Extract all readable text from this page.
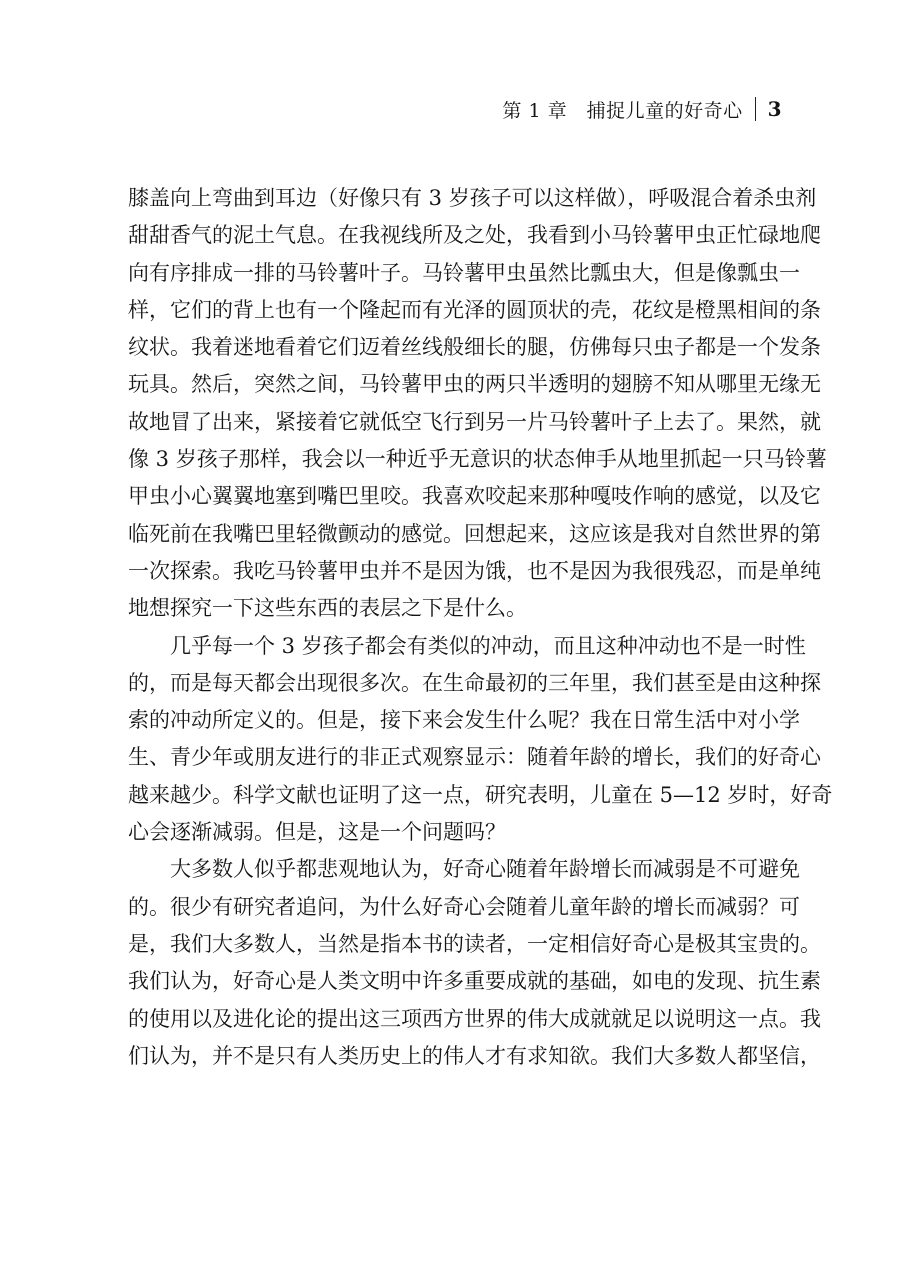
第 1 章　捕捉儿童的好奇心	3
膝盖向上弯曲到耳边（好像只有 3 岁孩子可以这样做），呼吸混合着杀虫剂
甜甜香气的泥土气息。在我视线所及之处，我看到小马铃薯甲虫正忙碌地爬
向有序排成一排的马铃薯叶子。马铃薯甲虫虽然比瓢虫大，但是像瓢虫一
样，它们的背上也有一个隆起而有光泽的圆顶状的壳，花纹是橙黑相间的条
纹状。我着迷地看着它们迈着丝线般细长的腿，仿佛每只虫子都是一个发条
玩具。然后，突然之间，马铃薯甲虫的两只半透明的翅膀不知从哪里无缘无
故地冒了出来，紧接着它就低空飞行到另一片马铃薯叶子上去了。果然，就
像 3 岁孩子那样，我会以一种近乎无意识的状态伸手从地里抓起一只马铃薯
甲虫小心翼翼地塞到嘴巴里咬。我喜欢咬起来那种嘎吱作响的感觉，以及它
临死前在我嘴巴里轻微颤动的感觉。回想起来，这应该是我对自然世界的第
一次探索。我吃马铃薯甲虫并不是因为饿，也不是因为我很残忍，而是单纯
地想探究一下这些东西的表层之下是什么。
几乎每一个 3 岁孩子都会有类似的冲动，而且这种冲动也不是一时性
的，而是每天都会出现很多次。在生命最初的三年里，我们甚至是由这种探
索的冲动所定义的。但是，接下来会发生什么呢？我在日常生活中对小学
生、青少年或朋友进行的非正式观察显示：随着年龄的增长，我们的好奇心
越来越少。科学文献也证明了这一点，研究表明，儿童在 5—12 岁时，好奇
心会逐渐减弱。但是，这是一个问题吗？
大多数人似乎都悲观地认为，好奇心随着年龄增长而减弱是不可避免
的。很少有研究者追问，为什么好奇心会随着儿童年龄的增长而减弱？可
是，我们大多数人，当然是指本书的读者，一定相信好奇心是极其宝贵的。
我们认为，好奇心是人类文明中许多重要成就的基础，如电的发现、抗生素
的使用以及进化论的提出这三项西方世界的伟大成就就足以说明这一点。我
们认为，并不是只有人类历史上的伟人才有求知欲。我们大多数人都坚信，
